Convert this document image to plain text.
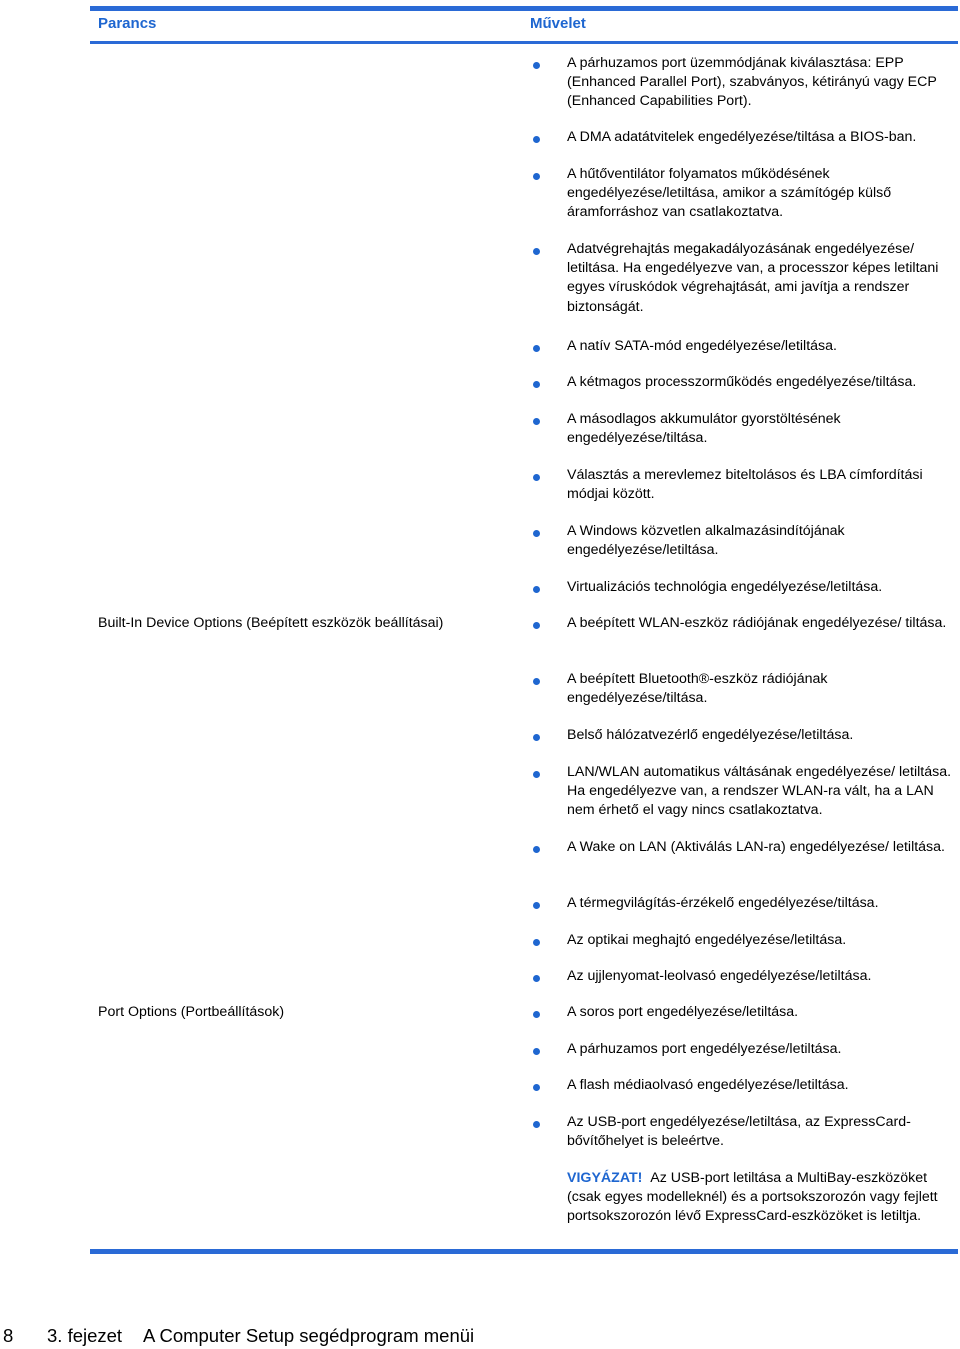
Parancs	Művelet
A párhuzamos port üzemmódjának kiválasztása: EPP (Enhanced Parallel Port), szabványos, kétirányú vagy ECP (Enhanced Capabilities Port).
A DMA adatátvitelek engedélyezése/tiltása a BIOS-ban.
A hűtőventilátor folyamatos működésének engedélyezése/letiltása, amikor a számítógép külső áramforráshoz van csatlakoztatva.
Adatvégrehajtás megakadályozásának engedélyezése/ letiltása. Ha engedélyezve van, a processzor képes letiltani egyes víruskódok végrehajtását, ami javítja a rendszer biztonságát.
A natív SATA-mód engedélyezése/letiltása.
A kétmagos processzorműködés engedélyezése/tiltása.
A másodlagos akkumulátor gyorstöltésének engedélyezése/tiltása.
Választás a merevlemez biteltolásos és LBA címfordítási módjai között.
A Windows közvetlen alkalmazásindítójának engedélyezése/letiltása.
Virtualizációs technológia engedélyezése/letiltása.
Built-In Device Options (Beépített eszközök beállításai)	A beépített WLAN-eszköz rádiójának engedélyezése/ tiltása.
A beépített Bluetooth®-eszköz rádiójának engedélyezése/tiltása.
Belső hálózatvezérlő engedélyezése/letiltása.
LAN/WLAN automatikus váltásának engedélyezése/ letiltása. Ha engedélyezve van, a rendszer WLAN-ra vált, ha a LAN nem érhető el vagy nincs csatlakoztatva.
A Wake on LAN (Aktiválás LAN-ra) engedélyezése/ letiltása.
A térmegvilágítás-érzékelő engedélyezése/tiltása.
Az optikai meghajtó engedélyezése/letiltása.
Az ujjlenyomat-leolvasó engedélyezése/letiltása.
Port Options (Portbeállítások)	A soros port engedélyezése/letiltása.
A párhuzamos port engedélyezése/letiltása.
A flash médiaolvasó engedélyezése/letiltása.
Az USB-port engedélyezése/letiltása, az ExpressCard-bővítőhelyet is beleértve.
VIGYÁZAT! Az USB-port letiltása a MultiBay-eszközöket (csak egyes modelleknél) és a portsokszorozón vagy fejlett portsokszorozón lévő ExpressCard-eszközöket is letiltja.
8 3. fejezet A Computer Setup segédprogram menüi
